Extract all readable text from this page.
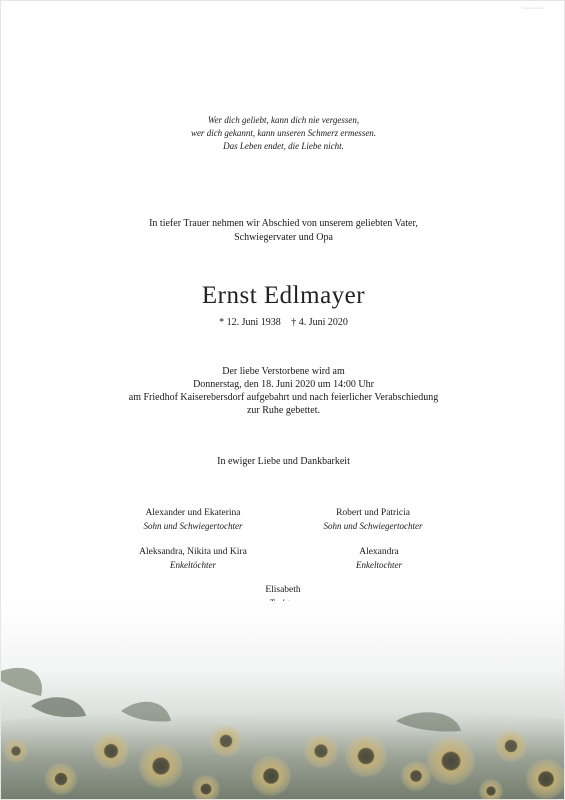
© www.xxxxxx.at
Wer dich geliebt, kann dich nie vergessen,
wer dich gekannt, kann unseren Schmerz ermessen.
Das Leben endet, die Liebe nicht.
In tiefer Trauer nehmen wir Abschied von unserem geliebten Vater,
Schwiegervater und Opa
Ernst Edlmayer
* 12. Juni 1938 † 4. Juni 2020
Der liebe Verstorbene wird am
Donnerstag, den 18. Juni 2020 um 14:00 Uhr
am Friedhof Kaiserebersdorf aufgebahrt und nach feierlicher Verabschiedung
zur Ruhe gebettet.
In ewiger Liebe und Dankbarkeit
Alexander und Ekaterina
Sohn und Schwiegertochter
Robert und Patricia
Sohn und Schwiegertochter
Aleksandra, Nikita und Kira
Enkeltöchter
Alexandra
Enkeltochter
Elisabeth
